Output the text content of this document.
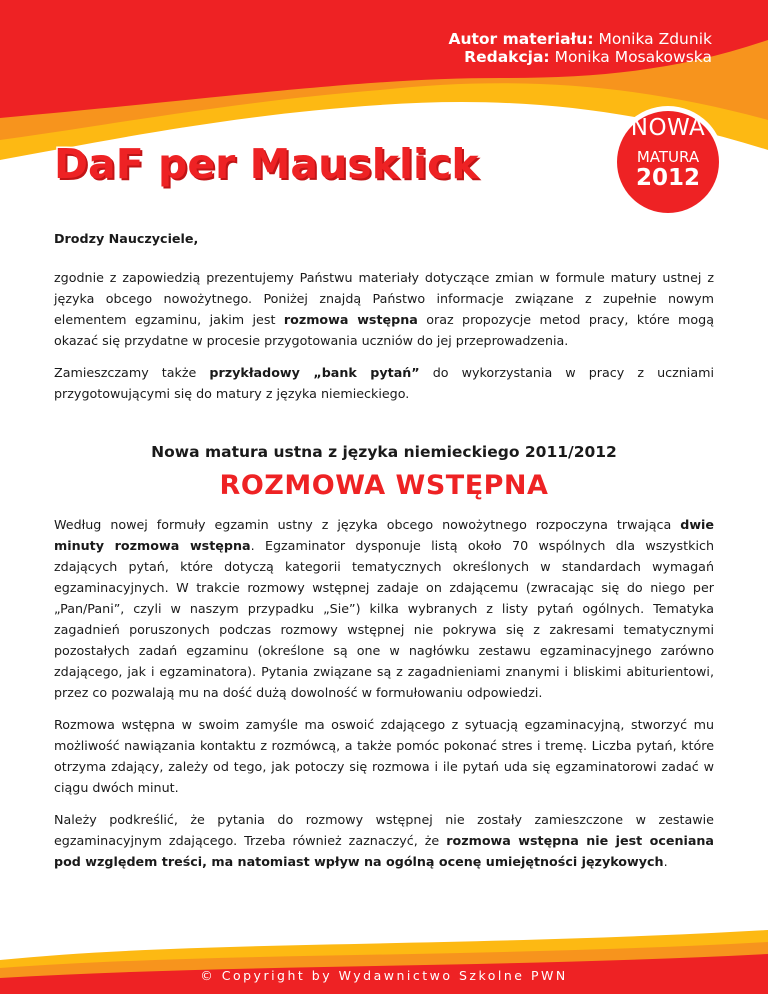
Autor materiału: Monika Zdunik
Redakcja: Monika Mosakowska
DaF per Mausklick
NOWA
MATURA
2012

Drodzy Nauczyciele,

zgodnie z zapowiedzią prezentujemy Państwu materiały dotyczące zmian w formule matury ustnej z języka obcego nowożytnego. Poniżej znajdą Państwo informacje związane z zupełnie nowym elementem egzaminu, jakim jest rozmowa wstępna oraz propozycje metod pracy, które mogą okazać się przydatne w procesie przygotowania uczniów do jej przeprowadzenia.

Zamieszczamy także przykładowy „bank pytań” do wykorzystania w pracy z uczniami przygotowującymi się do matury z języka niemieckiego.

Nowa matura ustna z języka niemieckiego 2011/2012
ROZMOWA WSTĘPNA

Według nowej formuły egzamin ustny z języka obcego nowożytnego rozpoczyna trwająca dwie minuty rozmowa wstępna. Egzaminator dysponuje listą około 70 wspólnych dla wszystkich zdających pytań, które dotyczą kategorii tematycznych określonych w standardach wymagań egzaminacyjnych. W trakcie rozmowy wstępnej zadaje on zdającemu (zwracając się do niego per „Pan/Pani”, czyli w naszym przypadku „Sie”) kilka wybranych z listy pytań ogólnych. Tematyka zagadnień poruszonych podczas rozmowy wstępnej nie pokrywa się z zakresami tematycznymi pozostałych zadań egzaminu (określone są one w nagłówku zestawu egzaminacyjnego zarówno zdającego, jak i egzaminatora). Pytania związane są z zagadnieniami znanymi i bliskimi abiturientowi, przez co pozwalają mu na dość dużą dowolność w formułowaniu odpowiedzi.

Rozmowa wstępna w swoim zamyśle ma oswoić zdającego z sytuacją egzaminacyjną, stworzyć mu możliwość nawiązania kontaktu z rozmówcą, a także pomóc pokonać stres i tremę. Liczba pytań, które otrzyma zdający, zależy od tego, jak potoczy się rozmowa i ile pytań uda się egzaminatorowi zadać w ciągu dwóch minut.

Należy podkreślić, że pytania do rozmowy wstępnej nie zostały zamieszczone w zestawie egzaminacyjnym zdającego. Trzeba również zaznaczyć, że rozmowa wstępna nie jest oceniana pod względem treści, ma natomiast wpływ na ogólną ocenę umiejętności językowych.

© Copyright by Wydawnictwo Szkolne PWN
